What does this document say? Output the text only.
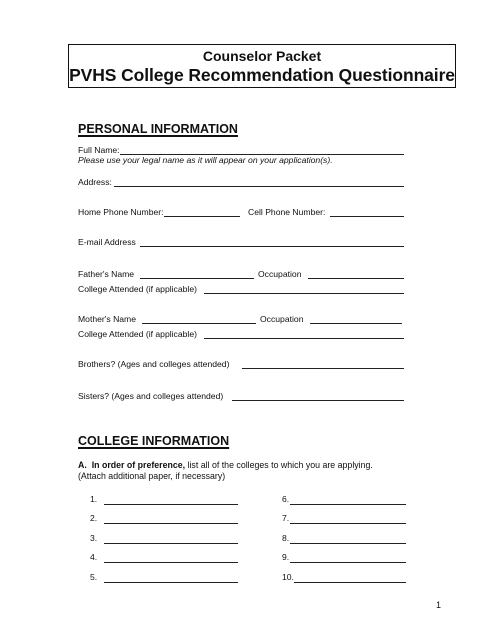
Counselor Packet
PVHS College Recommendation Questionnaire
PERSONAL INFORMATION
Full Name:
Please use your legal name as it will appear on your application(s).
Address:
Home Phone Number:	Cell Phone Number:
E-mail Address
Father's Name	Occupation
College Attended (if applicable)
Mother's Name	Occupation
College Attended (if applicable)
Brothers? (Ages and colleges attended)
Sisters? (Ages and colleges attended)
COLLEGE INFORMATION
A. In order of preference, list all of the colleges to which you are applying.
(Attach additional paper, if necessary)
1.
2.
3.
4.
5.
6.
7.
8.
9.
10.
1
